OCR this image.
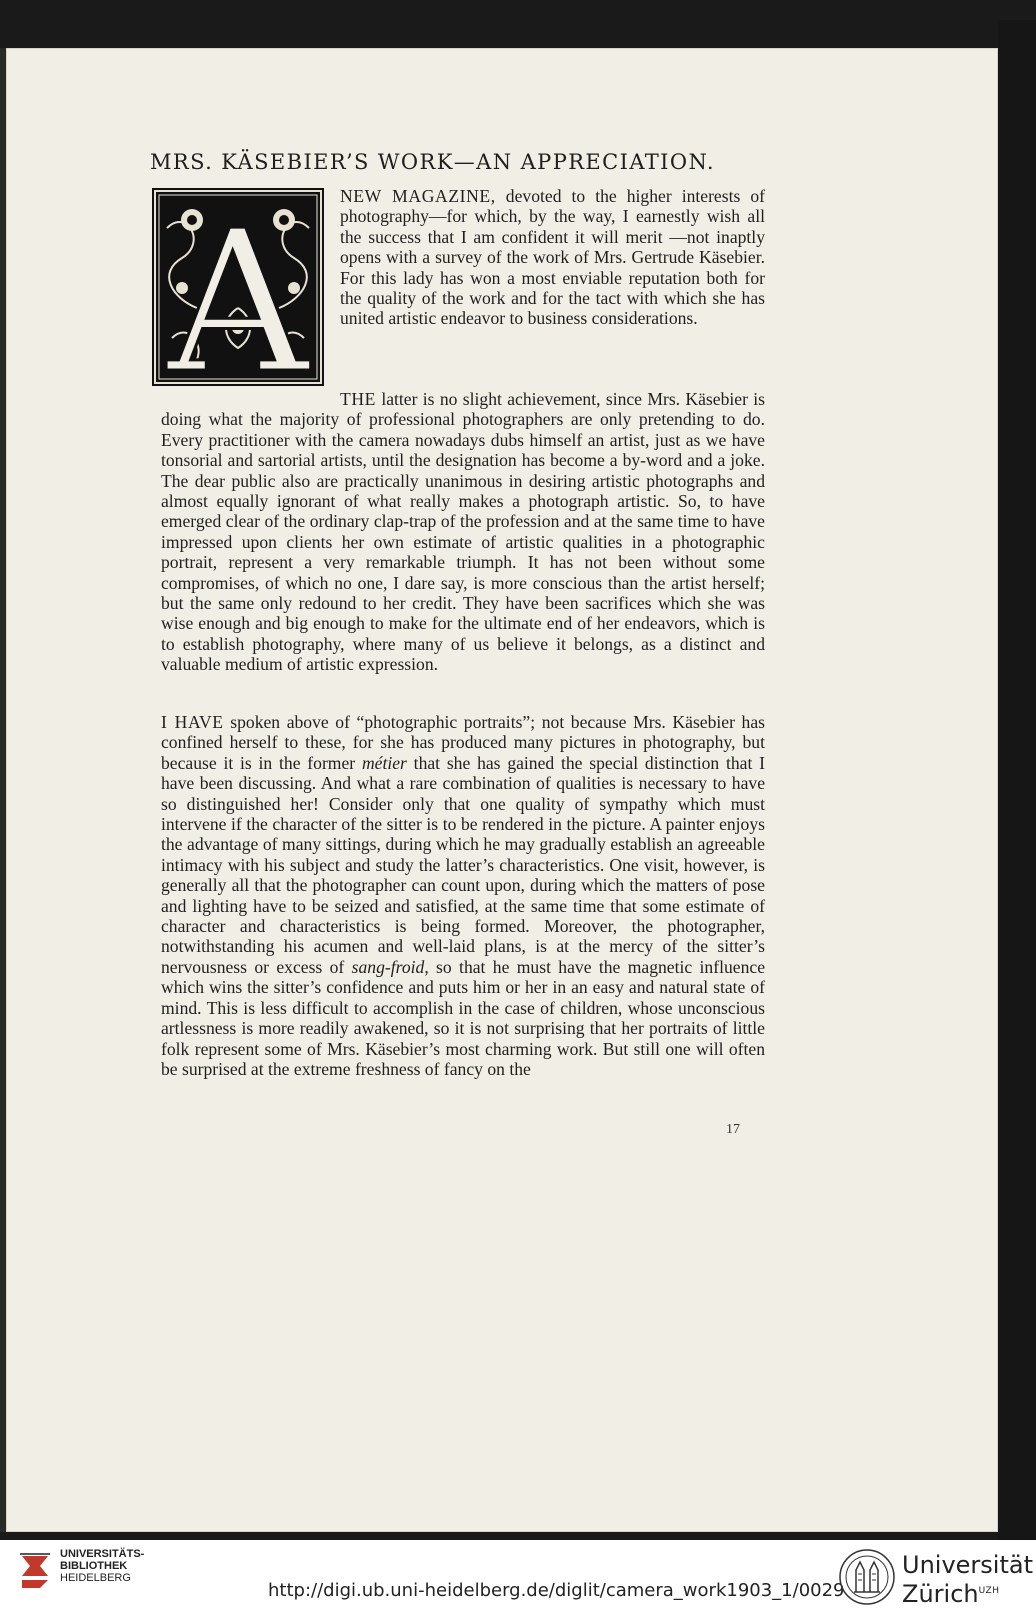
MRS. KÄSEBIER’S WORK—AN APPRECIATION.
A NEW MAGAZINE, devoted to the higher interests of photography—for which, by the way, I earnestly wish all the success that I am confident it will merit —not inaptly opens with a survey of the work of Mrs. Gertrude Käsebier. For this lady has won a most enviable reputation both for the quality of the work and for the tact with which she has united artistic endeavor to business considerations.
THE latter is no slight achievement, since Mrs. Käsebier is doing what the majority of professional photographers are only pretending to do. Every practitioner with the camera nowadays dubs himself an artist, just as we have tonsorial and sartorial artists, until the designation has become a by-word and a joke. The dear public also are practically unanimous in desiring artistic photographs and almost equally ignorant of what really makes a photograph artistic. So, to have emerged clear of the ordinary clap-trap of the profession and at the same time to have impressed upon clients her own estimate of artistic qualities in a photographic portrait, represent a very remarkable triumph. It has not been without some compromises, of which no one, I dare say, is more conscious than the artist herself; but the same only redound to her credit. They have been sacrifices which she was wise enough and big enough to make for the ultimate end of her endeavors, which is to establish photography, where many of us believe it belongs, as a distinct and valuable medium of artistic expression.
I HAVE spoken above of “photographic portraits”; not because Mrs. Käsebier has confined herself to these, for she has produced many pictures in photography, but because it is in the former métier that she has gained the special distinction that I have been discussing. And what a rare combination of qualities is necessary to have so distinguished her! Consider only that one quality of sympathy which must intervene if the character of the sitter is to be rendered in the picture. A painter enjoys the advantage of many sittings, during which he may gradually establish an agreeable intimacy with his subject and study the latter’s characteristics. One visit, however, is generally all that the photographer can count upon, during which the matters of pose and lighting have to be seized and satisfied, at the same time that some estimate of character and characteristics is being formed. Moreover, the photographer, notwithstanding his acumen and well-laid plans, is at the mercy of the sitter’s nervousness or excess of sang-froid, so that he must have the magnetic influence which wins the sitter’s confidence and puts him or her in an easy and natural state of mind. This is less difficult to accomplish in the case of children, whose unconscious artlessness is more readily awakened, so it is not surprising that her portraits of little folk represent some of Mrs. Käsebier’s most charming work. But still one will often be surprised at the extreme freshness of fancy on the
17
UNIVERSITÄTS-
BIBLIOTHEK
HEIDELBERG
http://digi.ub.uni-heidelberg.de/diglit/camera_work1903_1/0029
Universität
Zürich$^{UZH}$
